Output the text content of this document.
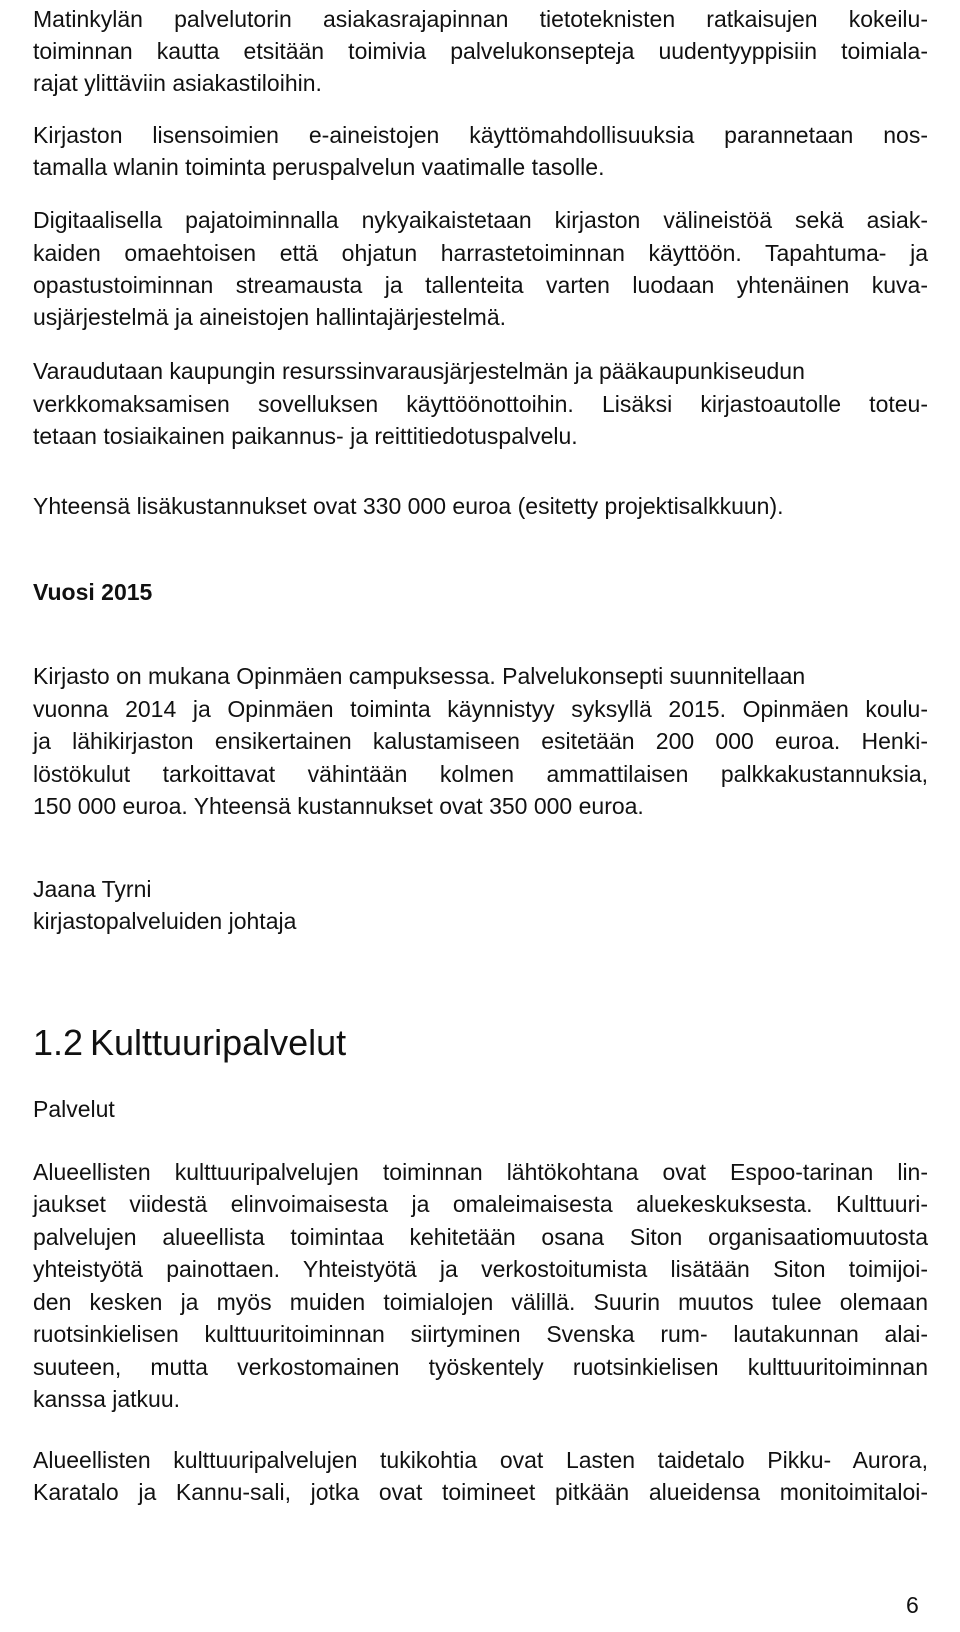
Matinkylän palvelutorin asiakasrajapinnan tietoteknisten ratkaisujen kokeilu-
toiminnan kautta etsitään toimivia palvelukonsepteja uudentyyppisiin toimiala-
rajat ylittäviin asiakastiloihin.
Kirjaston lisensoimien e-aineistojen käyttömahdollisuuksia parannetaan nos-
tamalla wlanin toiminta peruspalvelun vaatimalle tasolle.
Digitaalisella pajatoiminnalla nykyaikaistetaan kirjaston välineistöä sekä asiak-
kaiden omaehtoisen että ohjatun harrastetoiminnan käyttöön. Tapahtuma- ja
opastustoiminnan streamausta ja tallenteita varten luodaan yhtenäinen kuva-
usjärjestelmä ja aineistojen hallintajärjestelmä.
Varaudutaan kaupungin resurssinvarausjärjestelmän ja pääkaupunkiseudun
verkkomaksamisen sovelluksen käyttöönottoihin. Lisäksi kirjastoautolle toteu-
tetaan tosiaikainen paikannus- ja reittitiedotuspalvelu.
Yhteensä lisäkustannukset ovat 330 000 euroa (esitetty projektisalkkuun).
Vuosi 2015
Kirjasto on mukana Opinmäen campuksessa. Palvelukonsepti suunnitellaan
vuonna 2014 ja Opinmäen toiminta käynnistyy syksyllä 2015. Opinmäen koulu-
ja lähikirjaston ensikertainen kalustamiseen esitetään 200 000 euroa. Henki-
löstökulut tarkoittavat vähintään kolmen ammattilaisen palkkakustannuksia,
150 000 euroa. Yhteensä kustannukset ovat 350 000 euroa.
Jaana Tyrni
kirjastopalveluiden johtaja
1.2 Kulttuuripalvelut
Palvelut
Alueellisten kulttuuripalvelujen toiminnan lähtökohtana ovat Espoo-tarinan lin-
jaukset viidestä elinvoimaisesta ja omaleimaisesta aluekeskuksesta. Kulttuuri-
palvelujen alueellista toimintaa kehitetään osana Siton organisaatiomuutosta
yhteistyötä painottaen. Yhteistyötä ja verkostoitumista lisätään Siton toimijoi-
den kesken ja myös muiden toimialojen välillä. Suurin muutos tulee olemaan
ruotsinkielisen kulttuuritoiminnan siirtyminen Svenska rum- lautakunnan alai-
suuteen, mutta verkostomainen työskentely ruotsinkielisen kulttuuritoiminnan
kanssa jatkuu.
Alueellisten kulttuuripalvelujen tukikohtia ovat Lasten taidetalo Pikku- Aurora,
Karatalo ja Kannu-sali, jotka ovat toimineet pitkään alueidensa monitoimitaloi-
6
